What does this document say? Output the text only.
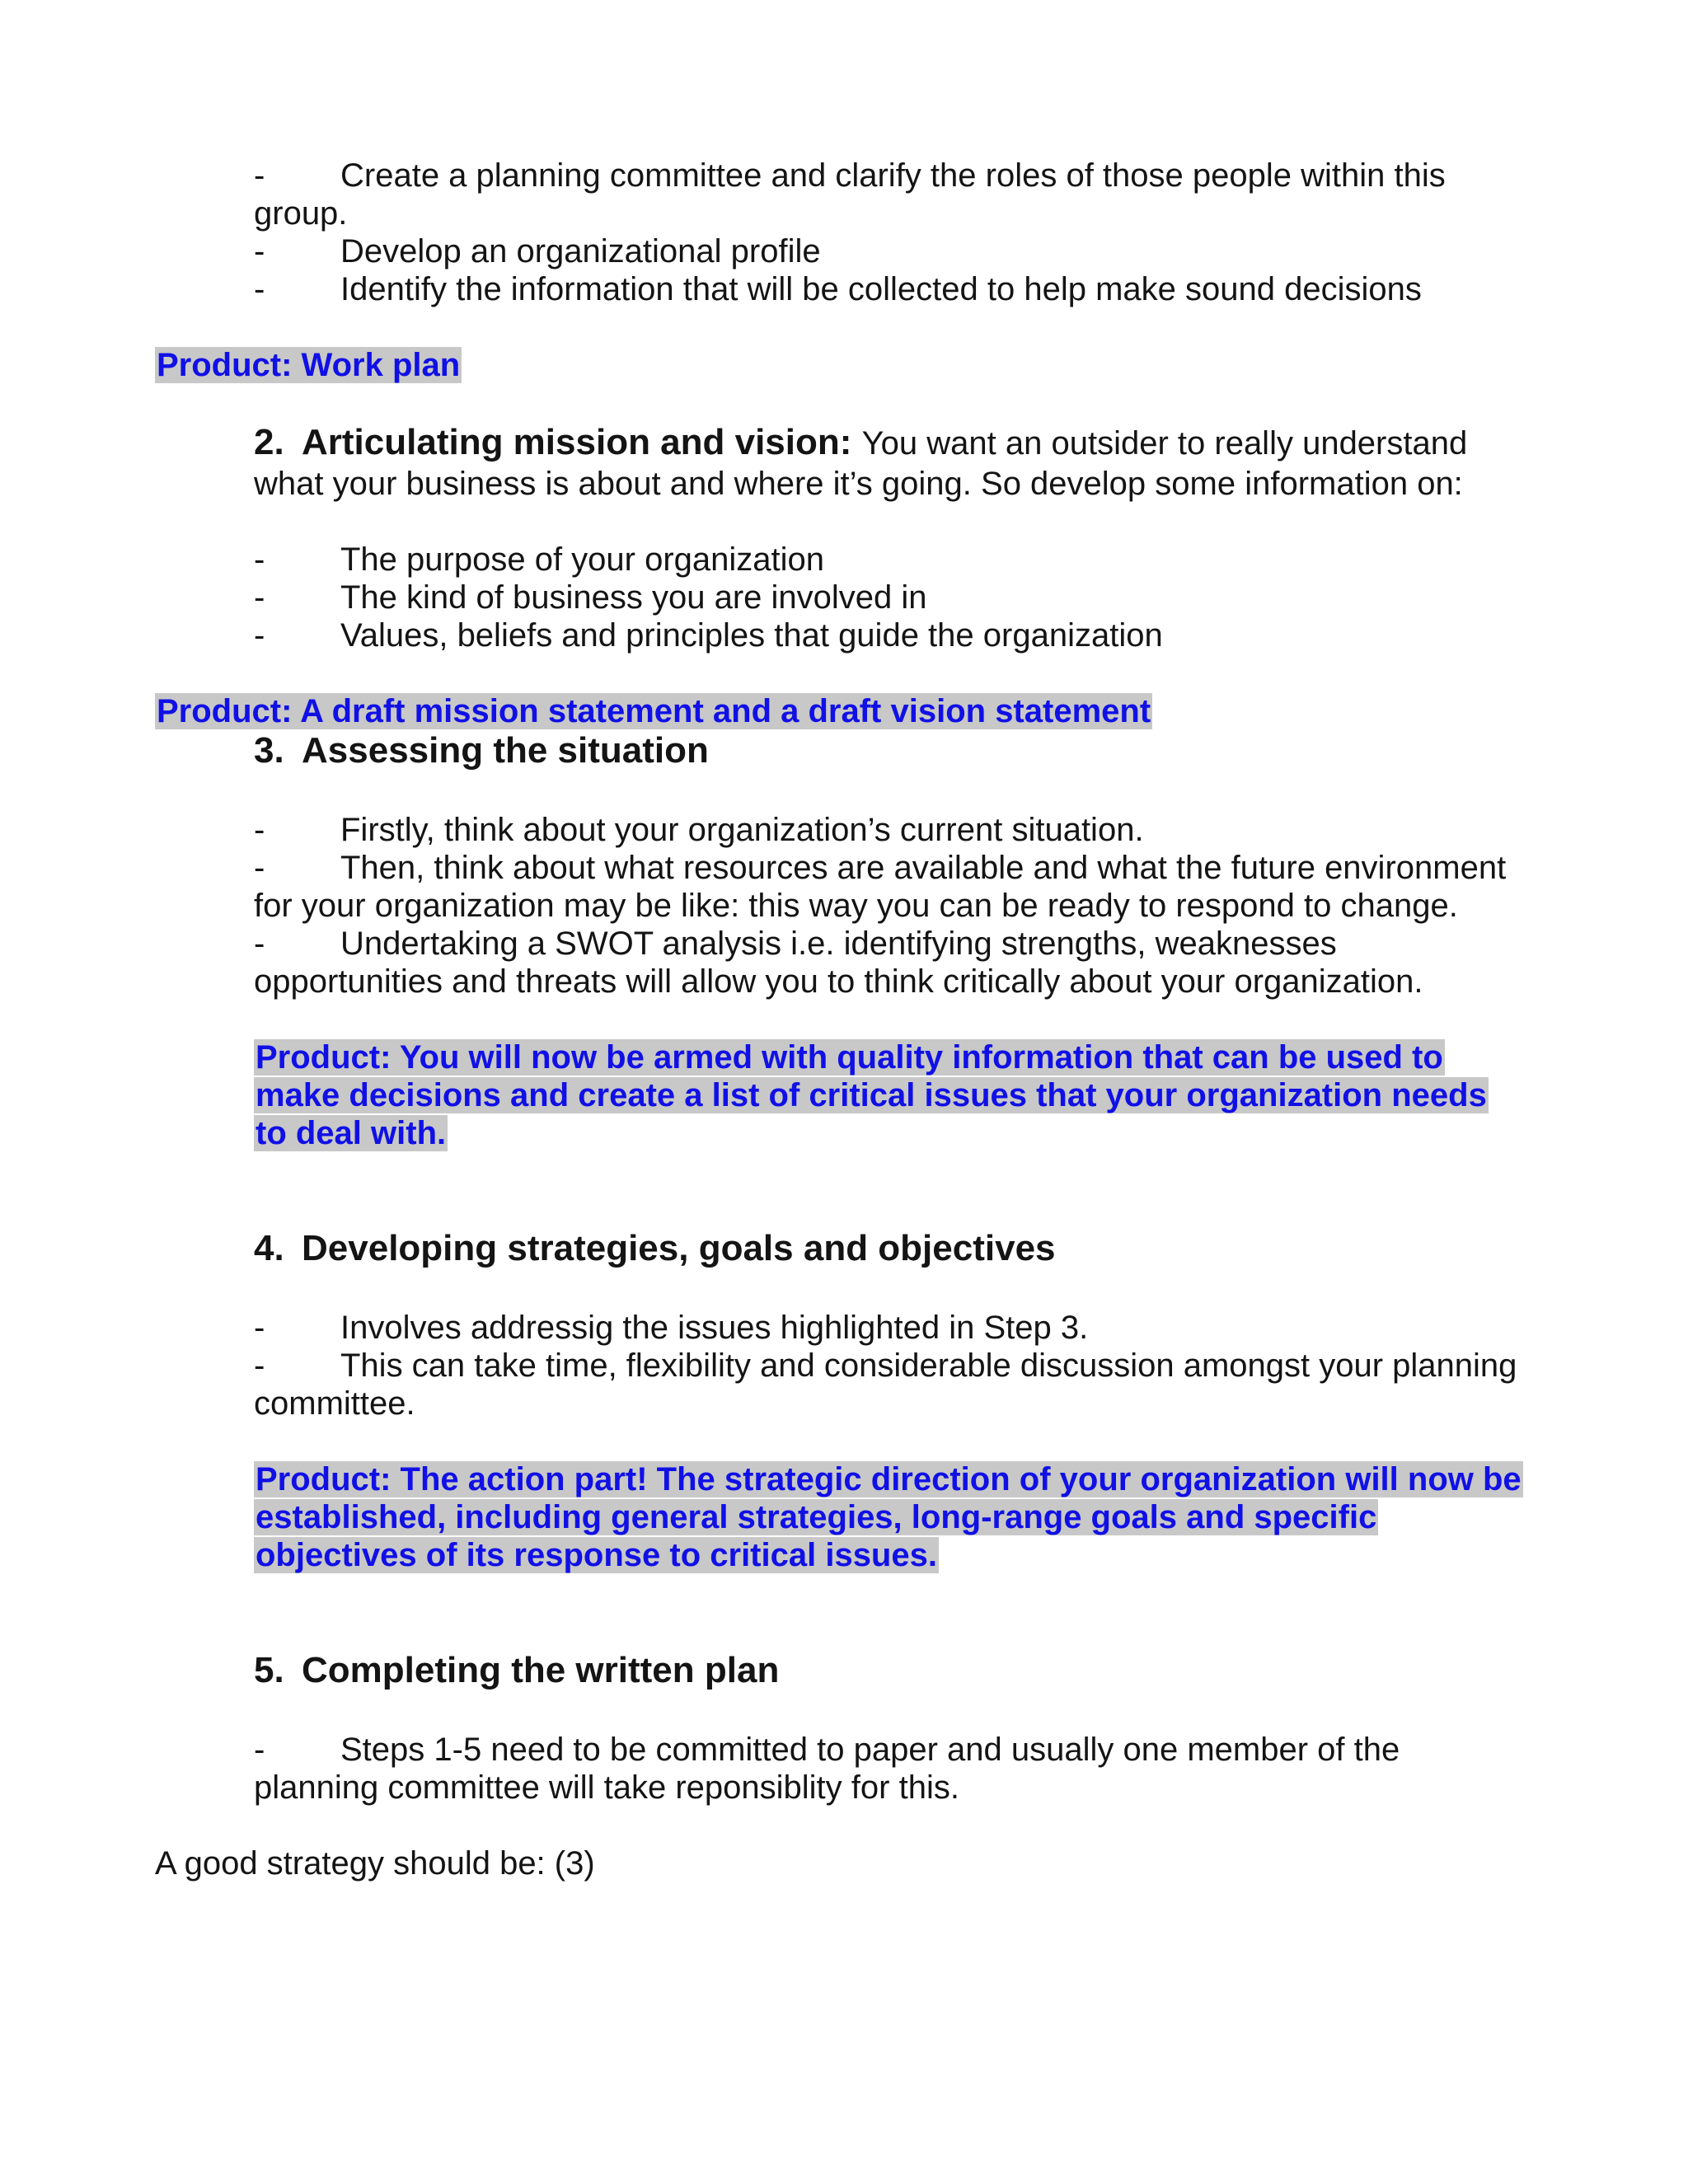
- Create a planning committee and clarify the roles of those people within this
group.
- Develop an organizational profile
- Identify the information that will be collected to help make sound decisions
Product: Work plan
2. Articulating mission and vision: You want an outsider to really understand
what your business is about and where it’s going. So develop some information on:
- The purpose of your organization
- The kind of business you are involved in
- Values, beliefs and principles that guide the organization
Product: A draft mission statement and a draft vision statement
3. Assessing the situation
- Firstly, think about your organization’s current situation.
- Then, think about what resources are available and what the future environment
for your organization may be like: this way you can be ready to respond to change.
- Undertaking a SWOT analysis i.e. identifying strengths, weaknesses
opportunities and threats will allow you to think critically about your organization.
Product: You will now be armed with quality information that can be used to
make decisions and create a list of critical issues that your organization needs
to deal with.
4. Developing strategies, goals and objectives
- Involves addressig the issues highlighted in Step 3.
- This can take time, flexibility and considerable discussion amongst your planning
committee.
Product: The action part! The strategic direction of your organization will now be
established, including general strategies, long-range goals and specific
objectives of its response to critical issues.
5. Completing the written plan
- Steps 1-5 need to be committed to paper and usually one member of the
planning committee will take reponsiblity for this.
A good strategy should be: (3)
